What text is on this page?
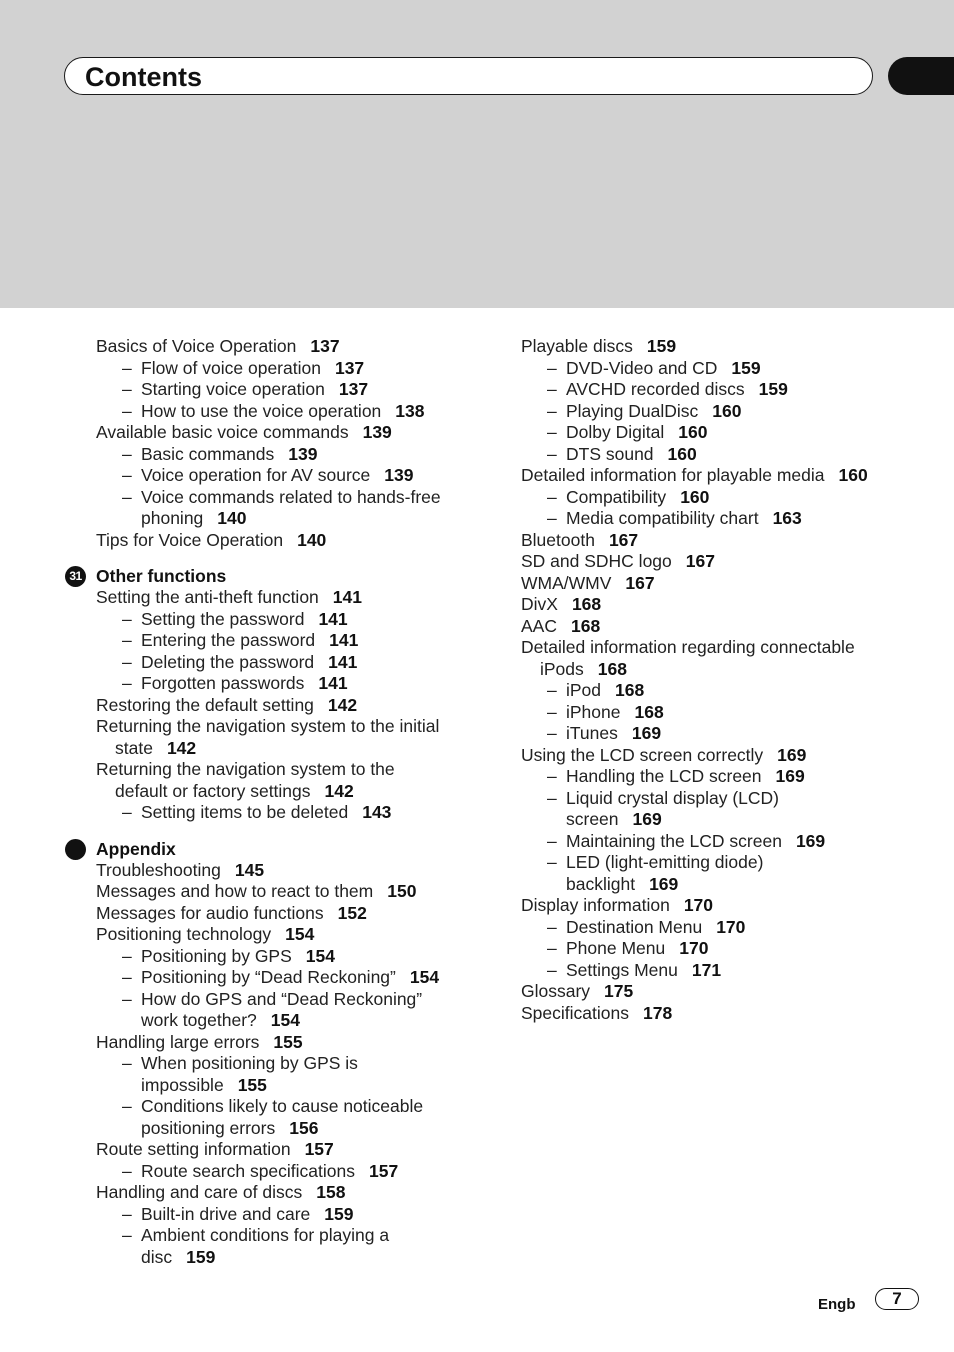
Contents
Basics of Voice Operation 137
– Flow of voice operation 137
– Starting voice operation 137
– How to use the voice operation 138
Available basic voice commands 139
– Basic commands 139
– Voice operation for AV source 139
– Voice commands related to hands-free
phoning 140
Tips for Voice Operation 140
31 Other functions
Setting the anti-theft function 141
– Setting the password 141
– Entering the password 141
– Deleting the password 141
– Forgotten passwords 141
Restoring the default setting 142
Returning the navigation system to the initial
state 142
Returning the navigation system to the
default or factory settings 142
– Setting items to be deleted 143
Appendix
Troubleshooting 145
Messages and how to react to them 150
Messages for audio functions 152
Positioning technology 154
– Positioning by GPS 154
– Positioning by “Dead Reckoning” 154
– How do GPS and “Dead Reckoning”
work together? 154
Handling large errors 155
– When positioning by GPS is
impossible 155
– Conditions likely to cause noticeable
positioning errors 156
Route setting information 157
– Route search specifications 157
Handling and care of discs 158
– Built-in drive and care 159
– Ambient conditions for playing a
disc 159
Playable discs 159
– DVD-Video and CD 159
– AVCHD recorded discs 159
– Playing DualDisc 160
– Dolby Digital 160
– DTS sound 160
Detailed information for playable media 160
– Compatibility 160
– Media compatibility chart 163
Bluetooth 167
SD and SDHC logo 167
WMA/WMV 167
DivX 168
AAC 168
Detailed information regarding connectable
iPods 168
– iPod 168
– iPhone 168
– iTunes 169
Using the LCD screen correctly 169
– Handling the LCD screen 169
– Liquid crystal display (LCD)
screen 169
– Maintaining the LCD screen 169
– LED (light-emitting diode)
backlight 169
Display information 170
– Destination Menu 170
– Phone Menu 170
– Settings Menu 171
Glossary 175
Specifications 178
Engb	7
